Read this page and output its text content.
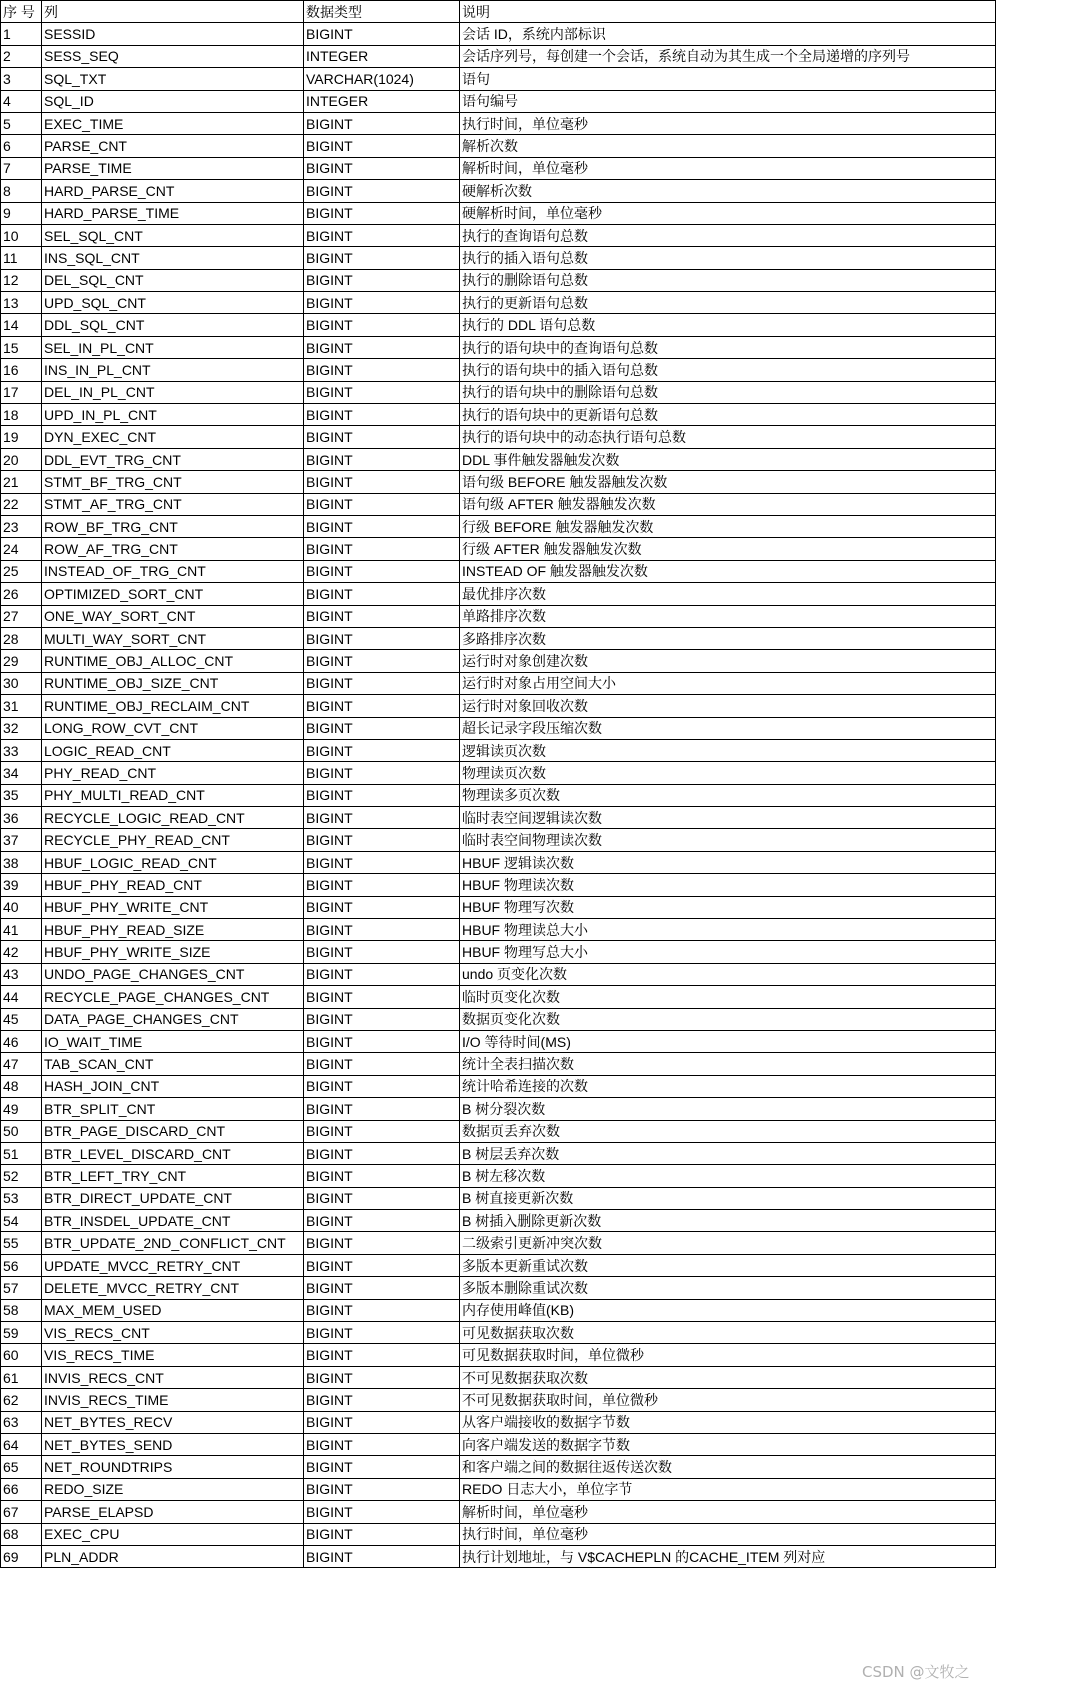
序 号	列	数据类型	说明
1	SESSID	BIGINT	会话 ID，系统内部标识
2	SESS_SEQ	INTEGER	会话序列号，每创建一个会话，系统自动为其生成一个全局递增的序列号
3	SQL_TXT	VARCHAR(1024)	语句
4	SQL_ID	INTEGER	语句编号
5	EXEC_TIME	BIGINT	执行时间，单位毫秒
6	PARSE_CNT	BIGINT	解析次数
7	PARSE_TIME	BIGINT	解析时间，单位毫秒
8	HARD_PARSE_CNT	BIGINT	硬解析次数
9	HARD_PARSE_TIME	BIGINT	硬解析时间，单位毫秒
10	SEL_SQL_CNT	BIGINT	执行的查询语句总数
11	INS_SQL_CNT	BIGINT	执行的插入语句总数
12	DEL_SQL_CNT	BIGINT	执行的删除语句总数
13	UPD_SQL_CNT	BIGINT	执行的更新语句总数
14	DDL_SQL_CNT	BIGINT	执行的 DDL 语句总数
15	SEL_IN_PL_CNT	BIGINT	执行的语句块中的查询语句总数
16	INS_IN_PL_CNT	BIGINT	执行的语句块中的插入语句总数
17	DEL_IN_PL_CNT	BIGINT	执行的语句块中的删除语句总数
18	UPD_IN_PL_CNT	BIGINT	执行的语句块中的更新语句总数
19	DYN_EXEC_CNT	BIGINT	执行的语句块中的动态执行语句总数
20	DDL_EVT_TRG_CNT	BIGINT	DDL 事件触发器触发次数
21	STMT_BF_TRG_CNT	BIGINT	语句级 BEFORE 触发器触发次数
22	STMT_AF_TRG_CNT	BIGINT	语句级 AFTER 触发器触发次数
23	ROW_BF_TRG_CNT	BIGINT	行级 BEFORE 触发器触发次数
24	ROW_AF_TRG_CNT	BIGINT	行级 AFTER 触发器触发次数
25	INSTEAD_OF_TRG_CNT	BIGINT	INSTEAD OF 触发器触发次数
26	OPTIMIZED_SORT_CNT	BIGINT	最优排序次数
27	ONE_WAY_SORT_CNT	BIGINT	单路排序次数
28	MULTI_WAY_SORT_CNT	BIGINT	多路排序次数
29	RUNTIME_OBJ_ALLOC_CNT	BIGINT	运行时对象创建次数
30	RUNTIME_OBJ_SIZE_CNT	BIGINT	运行时对象占用空间大小
31	RUNTIME_OBJ_RECLAIM_CNT	BIGINT	运行时对象回收次数
32	LONG_ROW_CVT_CNT	BIGINT	超长记录字段压缩次数
33	LOGIC_READ_CNT	BIGINT	逻辑读页次数
34	PHY_READ_CNT	BIGINT	物理读页次数
35	PHY_MULTI_READ_CNT	BIGINT	物理读多页次数
36	RECYCLE_LOGIC_READ_CNT	BIGINT	临时表空间逻辑读次数
37	RECYCLE_PHY_READ_CNT	BIGINT	临时表空间物理读次数
38	HBUF_LOGIC_READ_CNT	BIGINT	HBUF 逻辑读次数
39	HBUF_PHY_READ_CNT	BIGINT	HBUF 物理读次数
40	HBUF_PHY_WRITE_CNT	BIGINT	HBUF 物理写次数
41	HBUF_PHY_READ_SIZE	BIGINT	HBUF 物理读总大小
42	HBUF_PHY_WRITE_SIZE	BIGINT	HBUF 物理写总大小
43	UNDO_PAGE_CHANGES_CNT	BIGINT	undo 页变化次数
44	RECYCLE_PAGE_CHANGES_CNT	BIGINT	临时页变化次数
45	DATA_PAGE_CHANGES_CNT	BIGINT	数据页变化次数
46	IO_WAIT_TIME	BIGINT	I/O 等待时间(MS)
47	TAB_SCAN_CNT	BIGINT	统计全表扫描次数
48	HASH_JOIN_CNT	BIGINT	统计哈希连接的次数
49	BTR_SPLIT_CNT	BIGINT	B 树分裂次数
50	BTR_PAGE_DISCARD_CNT	BIGINT	数据页丢弃次数
51	BTR_LEVEL_DISCARD_CNT	BIGINT	B 树层丢弃次数
52	BTR_LEFT_TRY_CNT	BIGINT	B 树左移次数
53	BTR_DIRECT_UPDATE_CNT	BIGINT	B 树直接更新次数
54	BTR_INSDEL_UPDATE_CNT	BIGINT	B 树插入删除更新次数
55	BTR_UPDATE_2ND_CONFLICT_CNT	BIGINT	二级索引更新冲突次数
56	UPDATE_MVCC_RETRY_CNT	BIGINT	多版本更新重试次数
57	DELETE_MVCC_RETRY_CNT	BIGINT	多版本删除重试次数
58	MAX_MEM_USED	BIGINT	内存使用峰值(KB)
59	VIS_RECS_CNT	BIGINT	可见数据获取次数
60	VIS_RECS_TIME	BIGINT	可见数据获取时间，单位微秒
61	INVIS_RECS_CNT	BIGINT	不可见数据获取次数
62	INVIS_RECS_TIME	BIGINT	不可见数据获取时间，单位微秒
63	NET_BYTES_RECV	BIGINT	从客户端接收的数据字节数
64	NET_BYTES_SEND	BIGINT	向客户端发送的数据字节数
65	NET_ROUNDTRIPS	BIGINT	和客户端之间的数据往返传送次数
66	REDO_SIZE	BIGINT	REDO 日志大小，单位字节
67	PARSE_ELAPSD	BIGINT	解析时间，单位毫秒
68	EXEC_CPU	BIGINT	执行时间，单位毫秒
69	PLN_ADDR	BIGINT	执行计划地址，与 V$CACHEPLN 的CACHE_ITEM 列对应
CSDN @文牧之
